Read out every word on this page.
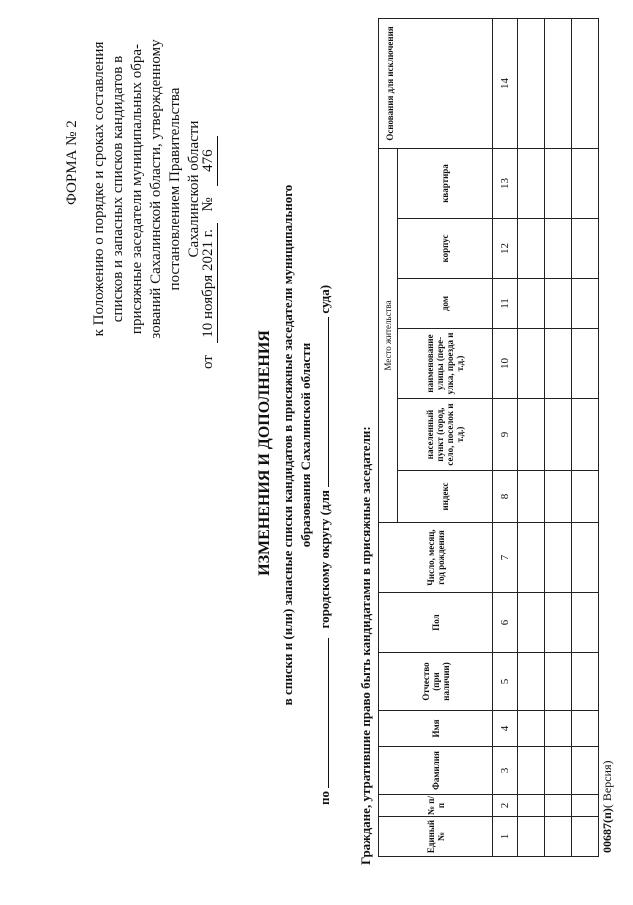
ФОРМА № 2 к Положению о порядке и сроках составления списков и запасных списков кандидатов в присяжные заседатели муниципальных обра- зований Сахалинской области, утвержденному постановлением Правительства Сахалинской области
от 10 ноября 2021 г. № 476
ИЗМЕНЕНИЯ И ДОПОЛНЕНИЯ в списки и (или) запасные списки кандидатов в присяжные заседатели муниципального образования Сахалинской области
по  городскому округу (для  суда)
Граждане, утратившие право быть кандидатами в присяжные заседатели:	Единый №	№ п/п	Фамилия	Имя	Отчество (при наличии)	Пол	Число, месяц, год рождения	Место жительства						Основания для исключения
							индекс	населенный пункт (город, село, поселок и т.д.)	наименование улицы (пере-улка, проезда и т.д.)	дом	корпус	квартира	
1	2	3	4	5	6	7	8	9	10	11	12	13	14

00687(п)( Версия)
